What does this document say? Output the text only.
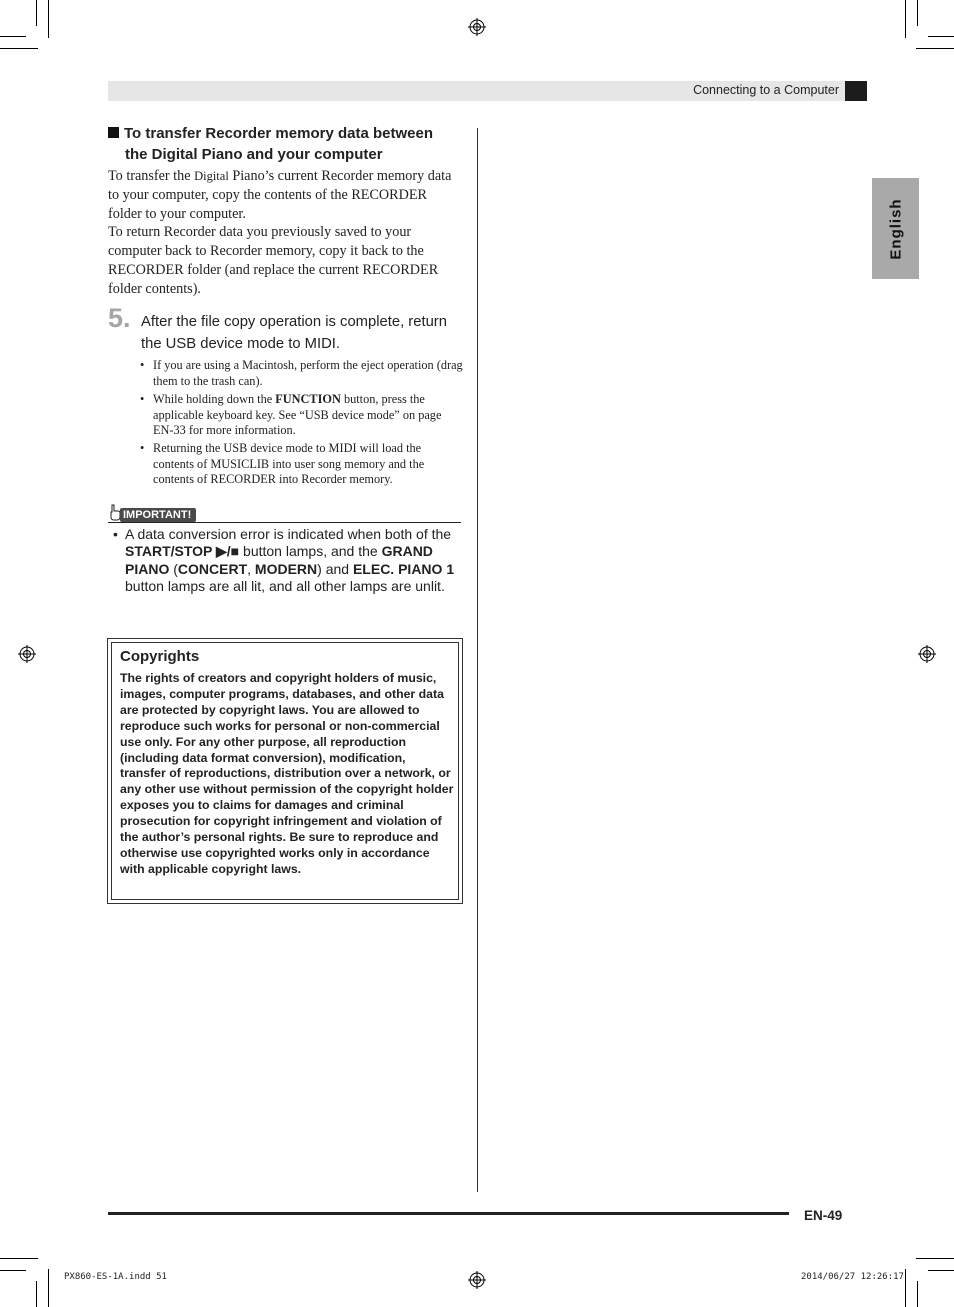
Connecting to a Computer
English
To transfer Recorder memory data between
the Digital Piano and your computer
To transfer the Digital Piano’s current Recorder memory data to your computer, copy the contents of the RECORDER folder to your computer.
To return Recorder data you previously saved to your computer back to Recorder memory, copy it back to the RECORDER folder (and replace the current RECORDER folder contents).
5. After the file copy operation is complete, return the USB device mode to MIDI.
• If you are using a Macintosh, perform the eject operation (drag them to the trash can).
• While holding down the FUNCTION button, press the applicable keyboard key. See “USB device mode” on page EN-33 for more information.
• Returning the USB device mode to MIDI will load the contents of MUSICLIB into user song memory and the contents of RECORDER into Recorder memory.
IMPORTANT!
• A data conversion error is indicated when both of the START/STOP ▶/■ button lamps, and the GRAND PIANO (CONCERT, MODERN) and ELEC. PIANO 1 button lamps are all lit, and all other lamps are unlit.
Copyrights
The rights of creators and copyright holders of music, images, computer programs, databases, and other data are protected by copyright laws. You are allowed to reproduce such works for personal or non-commercial use only. For any other purpose, all reproduction (including data format conversion), modification, transfer of reproductions, distribution over a network, or any other use without permission of the copyright holder exposes you to claims for damages and criminal prosecution for copyright infringement and violation of the author’s personal rights. Be sure to reproduce and otherwise use copyrighted works only in accordance with applicable copyright laws.
EN-49
PX860-ES-1A.indd 51	2014/06/27 12:26:17
